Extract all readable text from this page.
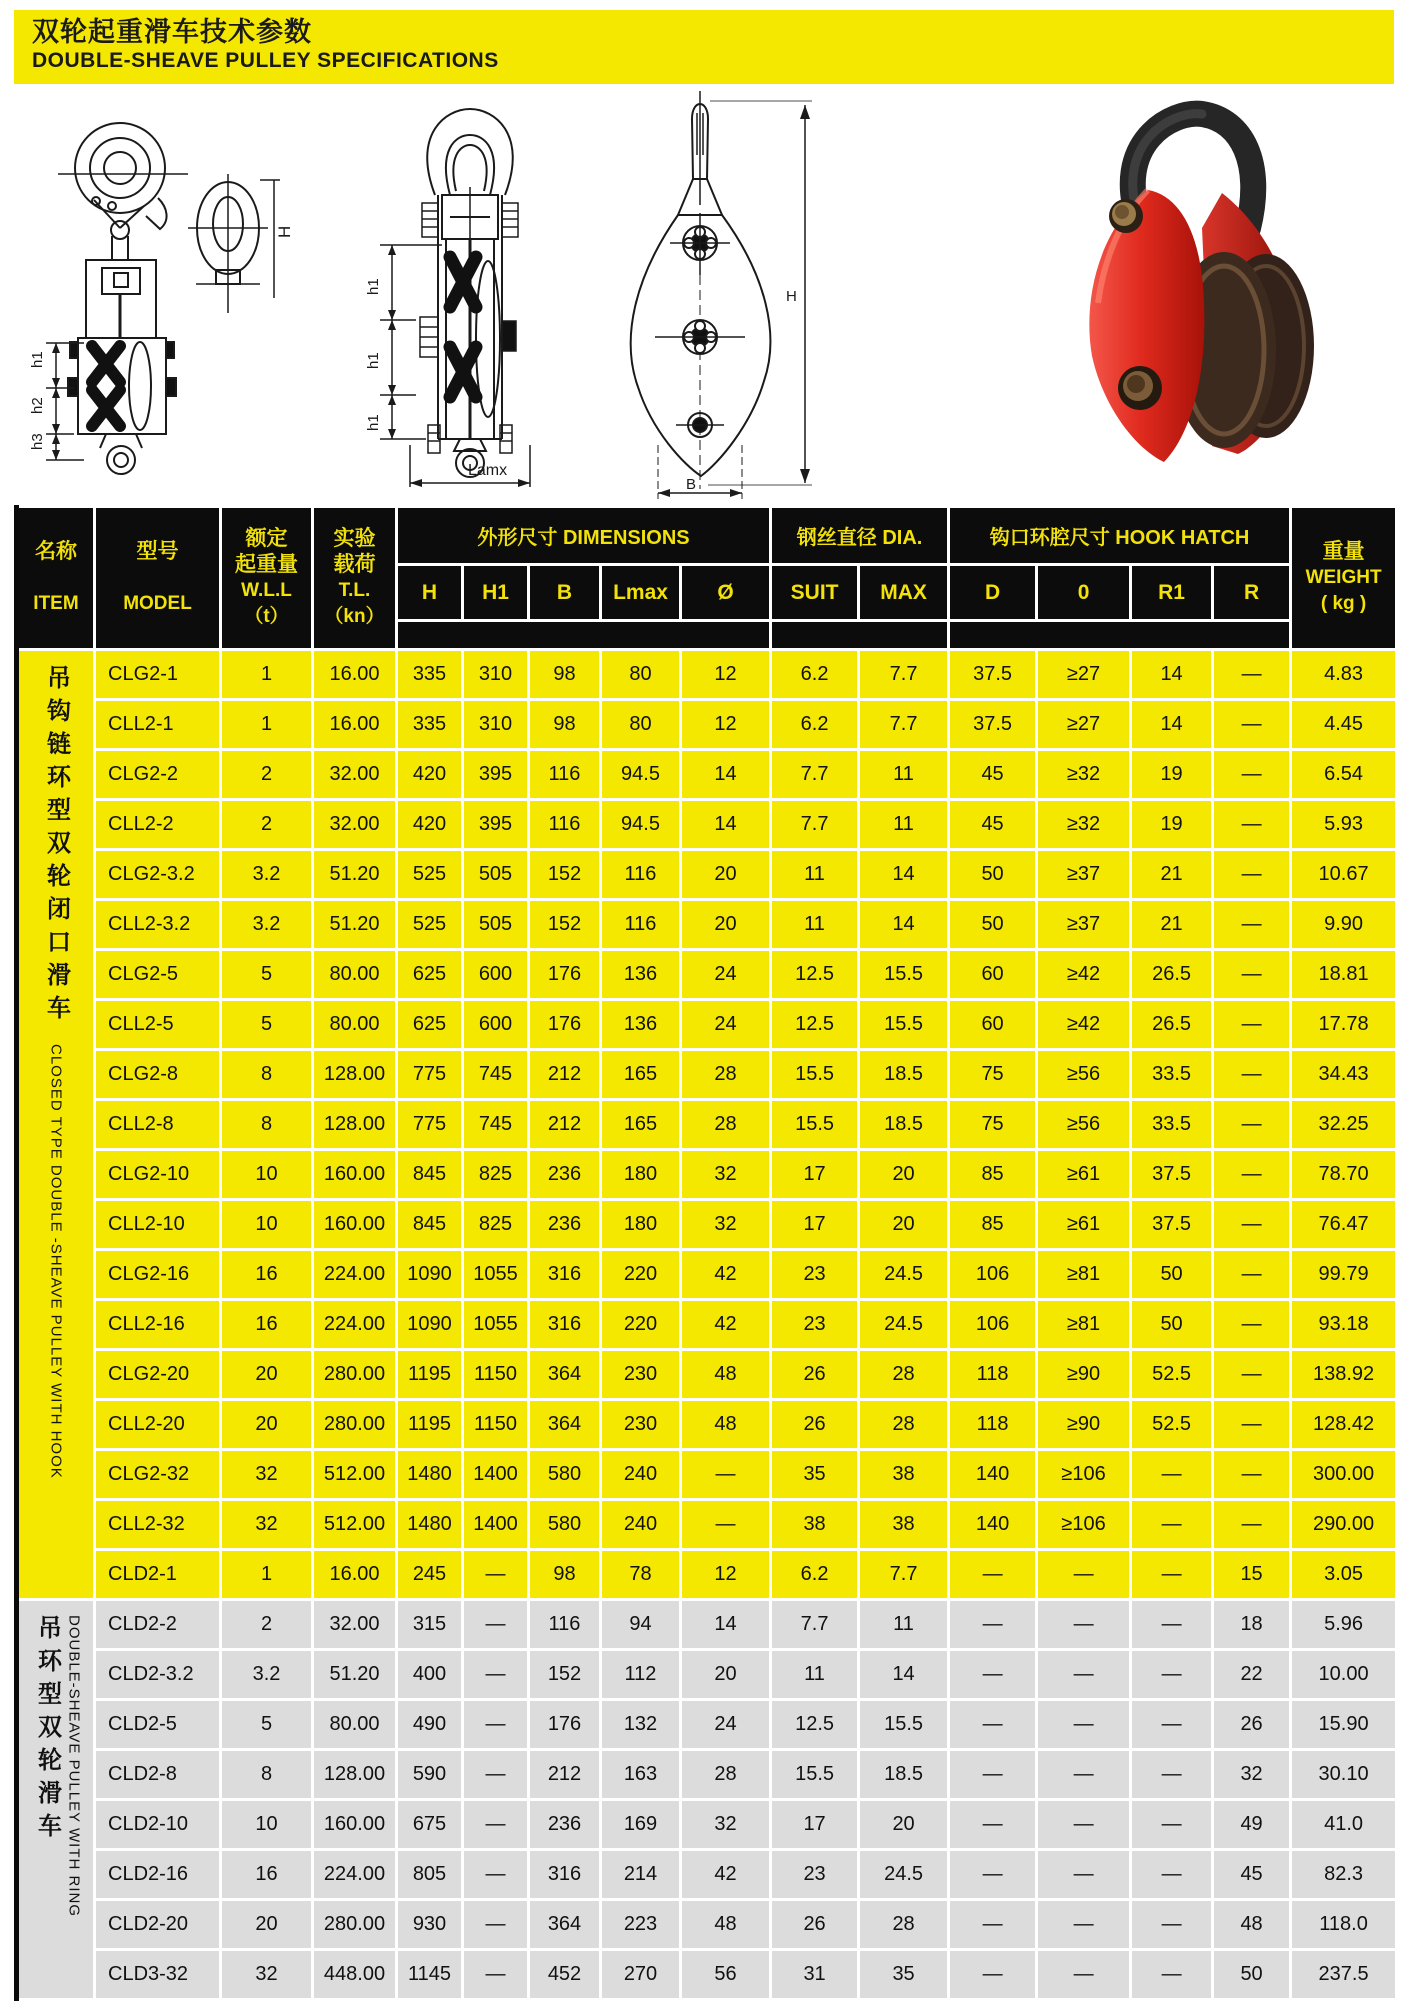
双轮起重滑车技术参数
DOUBLE-SHEAVE PULLEY SPECIFICATIONS
h1
h2
h3
H
h1
h1
h1
Lamx
H
B
名称
ITEM

型号
MODEL

额定
起重量
W.L.L
（t）

实验
载荷
T.L.
（kn）
	外形尺寸 DIMENSIONS	钢丝直径 DIA.	钩口环腔尺寸 HOOK HATCH	
重量
WEIGHT
( kg )

				H	H1	B	Lmax	Ø	SUIT	MAX	D	0	R1	R	

吊钩链环型双轮闭口滑车
CLOSED TYPE DOUBLE -SHEAVE PULLEY WITH HOOK	CLG2-1	1	16.00	335	310	98	80	12	6.2	7.7	37.5	≥27	14	—	4.83
	CLL2-1	1	16.00	335	310	98	80	12	6.2	7.7	37.5	≥27	14	—	4.45
	CLG2-2	2	32.00	420	395	116	94.5	14	7.7	11	45	≥32	19	—	6.54
	CLL2-2	2	32.00	420	395	116	94.5	14	7.7	11	45	≥32	19	—	5.93
	CLG2-3.2	3.2	51.20	525	505	152	116	20	11	14	50	≥37	21	—	10.67
	CLL2-3.2	3.2	51.20	525	505	152	116	20	11	14	50	≥37	21	—	9.90
	CLG2-5	5	80.00	625	600	176	136	24	12.5	15.5	60	≥42	26.5	—	18.81
	CLL2-5	5	80.00	625	600	176	136	24	12.5	15.5	60	≥42	26.5	—	17.78
	CLG2-8	8	128.00	775	745	212	165	28	15.5	18.5	75	≥56	33.5	—	34.43
	CLL2-8	8	128.00	775	745	212	165	28	15.5	18.5	75	≥56	33.5	—	32.25
	CLG2-10	10	160.00	845	825	236	180	32	17	20	85	≥61	37.5	—	78.70
	CLL2-10	10	160.00	845	825	236	180	32	17	20	85	≥61	37.5	—	76.47
	CLG2-16	16	224.00	1090	1055	316	220	42	23	24.5	106	≥81	50	—	99.79
	CLL2-16	16	224.00	1090	1055	316	220	42	23	24.5	106	≥81	50	—	93.18
	CLG2-20	20	280.00	1195	1150	364	230	48	26	28	118	≥90	52.5	—	138.92
	CLL2-20	20	280.00	1195	1150	364	230	48	26	28	118	≥90	52.5	—	128.42
	CLG2-32	32	512.00	1480	1400	580	240	—	35	38	140	≥106	—	—	300.00
	CLL2-32	32	512.00	1480	1400	580	240	—	38	38	140	≥106	—	—	290.00
	CLD2-1	1	16.00	245	—	98	78	12	6.2	7.7	—	—	—	15	3.05

吊环型双轮滑车 DOUBLE-SHEAVE PULLEY WITH RING	CLD2-2	2	32.00	315	—	116	94	14	7.7	11	—	—	—	18	5.96
	CLD2-3.2	3.2	51.20	400	—	152	112	20	11	14	—	—	—	22	10.00
	CLD2-5	5	80.00	490	—	176	132	24	12.5	15.5	—	—	—	26	15.90
	CLD2-8	8	128.00	590	—	212	163	28	15.5	18.5	—	—	—	32	30.10
	CLD2-10	10	160.00	675	—	236	169	32	17	20	—	—	—	49	41.0
	CLD2-16	16	224.00	805	—	316	214	42	23	24.5	—	—	—	45	82.3
	CLD2-20	20	280.00	930	—	364	223	48	26	28	—	—	—	48	118.0
	CLD3-32	32	448.00	1145	—	452	270	56	31	35	—	—	—	50	237.5
